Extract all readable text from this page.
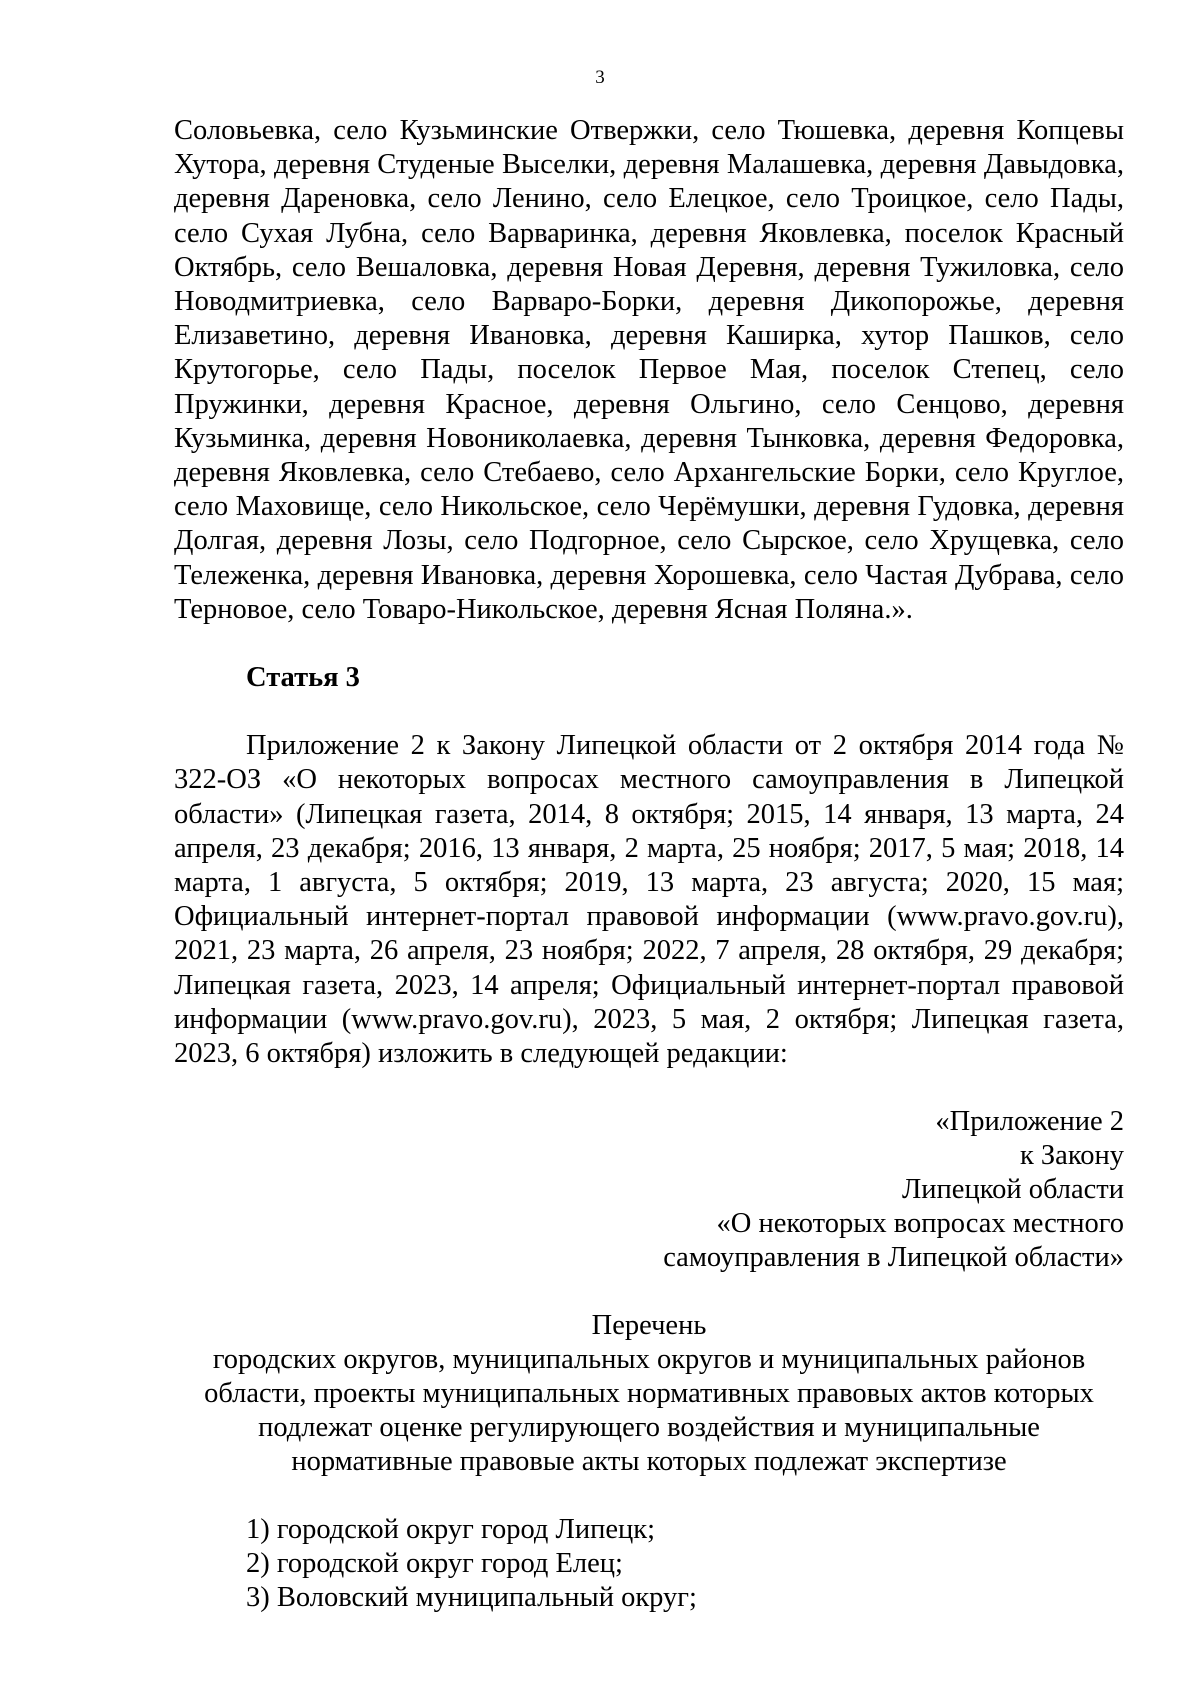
3

Соловьевка, село Кузьминские Отвержки, село Тюшевка, деревня Копцевы Хутора, деревня Студеные Выселки, деревня Малашевка, деревня Давыдовка, деревня Дареновка, село Ленино, село Елецкое, село Троицкое, село Пады, село Сухая Лубна, село Варваринка, деревня Яковлевка, поселок Красный Октябрь, село Вешаловка, деревня Новая Деревня, деревня Тужиловка, село Новодмитриевка, село Варваро-Борки, деревня Дикопорожье, деревня Елизаветино, деревня Ивановка, деревня Каширка, хутор Пашков, село Крутогорье, село Пады, поселок Первое Мая, поселок Степец, село Пружинки, деревня Красное, деревня Ольгино, село Сенцово, деревня Кузьминка, деревня Новониколаевка, деревня Тынковка, деревня Федоровка, деревня Яковлевка, село Стебаево, село Архангельские Борки, село Круглое, село Маховище, село Никольское, село Черёмушки, деревня Гудовка, деревня Долгая, деревня Лозы, село Подгорное, село Сырское, село Хрущевка, село Тележенка, деревня Ивановка, деревня Хорошевка, село Частая Дубрава, село Терновое, село Товаро-Никольское, деревня Ясная Поляна.».

Статья 3

Приложение 2 к Закону Липецкой области от 2 октября 2014 года № 322-ОЗ «О некоторых вопросах местного самоуправления в Липецкой области» (Липецкая газета, 2014, 8 октября; 2015, 14 января, 13 марта, 24 апреля, 23 декабря; 2016, 13 января, 2 марта, 25 ноября; 2017, 5 мая; 2018, 14 марта, 1 августа, 5 октября; 2019, 13 марта, 23 августа; 2020, 15 мая; Официальный интернет-портал правовой информации (www.pravo.gov.ru), 2021, 23 марта, 26 апреля, 23 ноября; 2022, 7 апреля, 28 октября, 29 декабря; Липецкая газета, 2023, 14 апреля; Официальный интернет-портал правовой информации (www.pravo.gov.ru), 2023, 5 мая, 2 октября; Липецкая газета, 2023, 6 октября) изложить в следующей редакции:

«Приложение 2
к Закону
Липецкой области
«О некоторых вопросах местного
самоуправления в Липецкой области»
Перечень
городских округов, муниципальных округов и муниципальных районов
области, проекты муниципальных нормативных правовых актов которых
подлежат оценке регулирующего воздействия и муниципальные
нормативные правовые акты которых подлежат экспертизе
1) городской округ город Липецк;
2) городской округ город Елец;
3) Воловский муниципальный округ;
